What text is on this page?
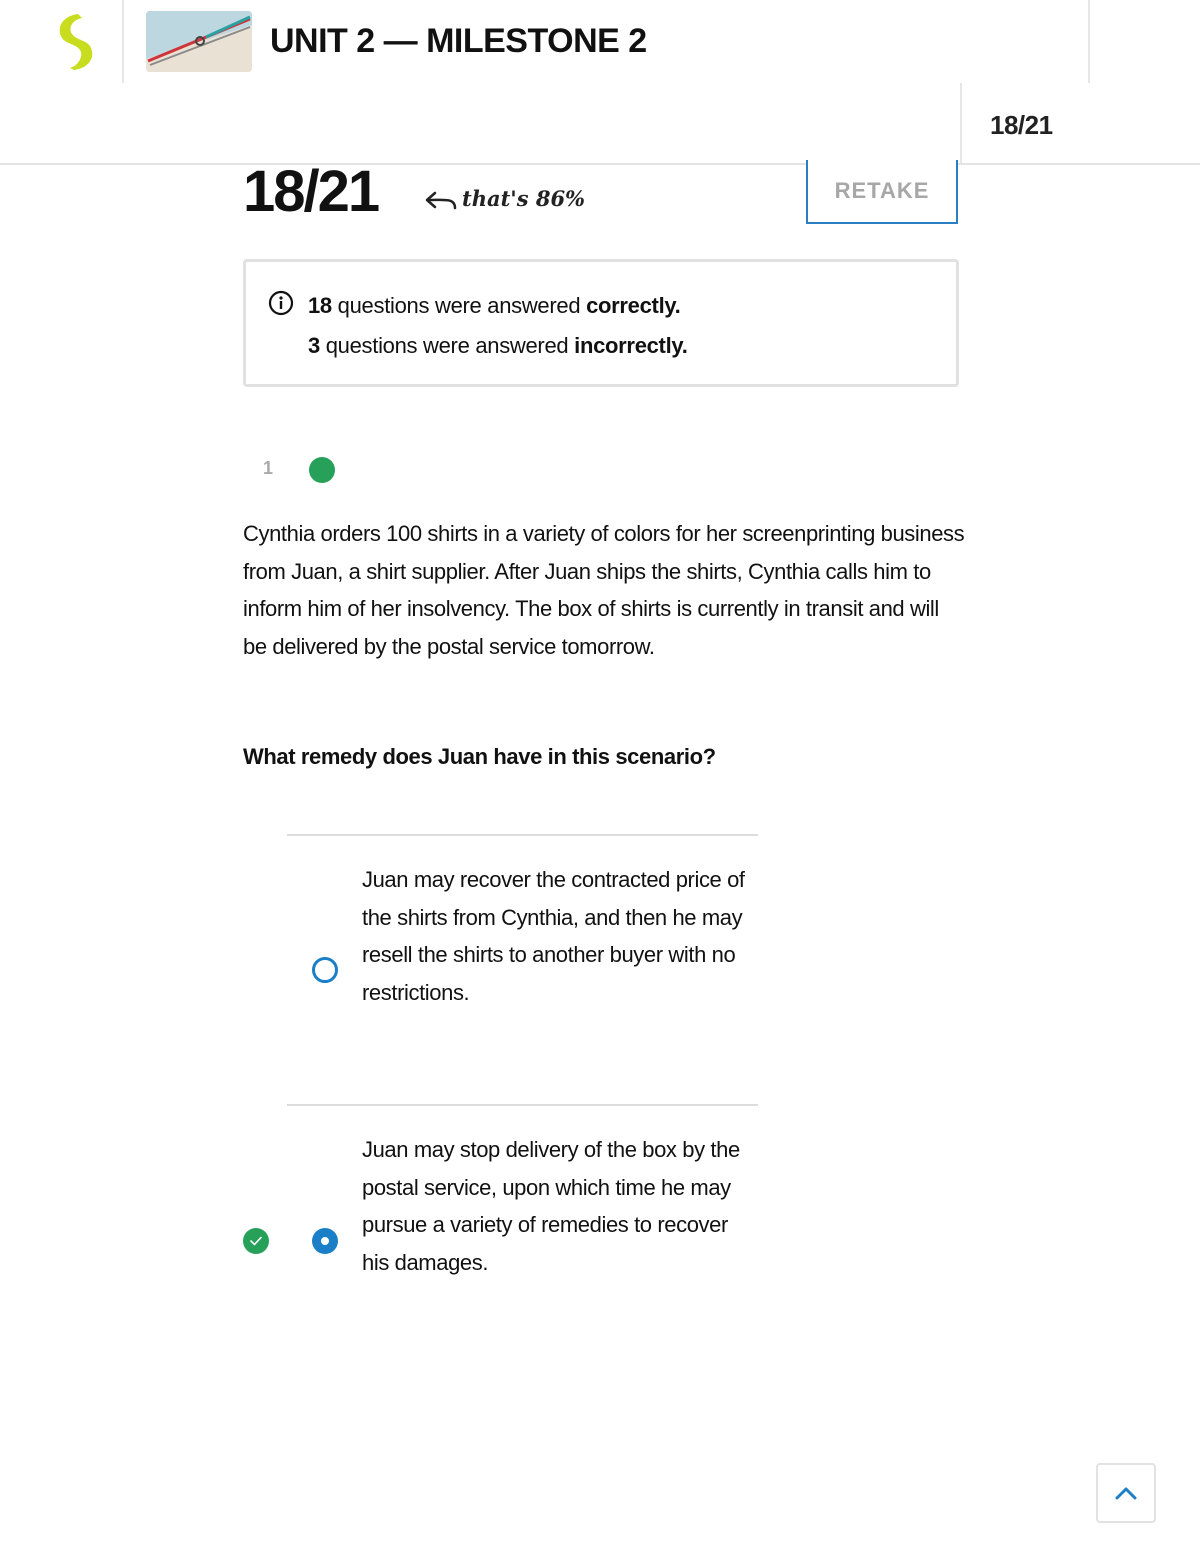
UNIT 2 — MILESTONE 2
18/21
18/21	that's 86%	RETAKE
18 questions were answered correctly.
3 questions were answered incorrectly.
1
Cynthia orders 100 shirts in a variety of colors for her screenprinting business from Juan, a shirt supplier. After Juan ships the shirts, Cynthia calls him to inform him of her insolvency. The box of shirts is currently in transit and will be delivered by the postal service tomorrow.
What remedy does Juan have in this scenario?
Juan may recover the contracted price of the shirts from Cynthia, and then he may resell the shirts to another buyer with no restrictions.
Juan may stop delivery of the box by the postal service, upon which time he may pursue a variety of remedies to recover his damages.
